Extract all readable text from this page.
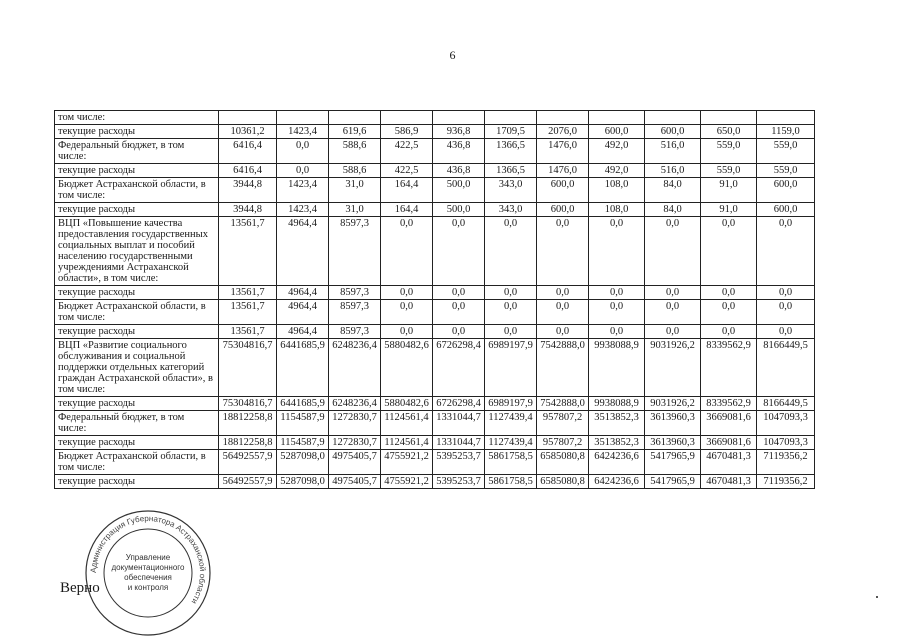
6
том числе:											
текущие расходы	10361,2	1423,4	619,6	586,9	936,8	1709,5	2076,0	600,0	600,0	650,0	1159,0
Федеральный бюджет, в том числе:	6416,4	0,0	588,6	422,5	436,8	1366,5	1476,0	492,0	516,0	559,0	559,0
текущие расходы	6416,4	0,0	588,6	422,5	436,8	1366,5	1476,0	492,0	516,0	559,0	559,0
Бюджет Астраханской области, в том числе:	3944,8	1423,4	31,0	164,4	500,0	343,0	600,0	108,0	84,0	91,0	600,0
текущие расходы	3944,8	1423,4	31,0	164,4	500,0	343,0	600,0	108,0	84,0	91,0	600,0
ВЦП «Повышение качества предоставления государственных социальных выплат и пособий населению государственными учреждениями Астраханской области», в том числе:	13561,7	4964,4	8597,3	0,0	0,0	0,0	0,0	0,0	0,0	0,0	0,0
текущие расходы	13561,7	4964,4	8597,3	0,0	0,0	0,0	0,0	0,0	0,0	0,0	0,0
Бюджет Астраханской области, в том числе:	13561,7	4964,4	8597,3	0,0	0,0	0,0	0,0	0,0	0,0	0,0	0,0
текущие расходы	13561,7	4964,4	8597,3	0,0	0,0	0,0	0,0	0,0	0,0	0,0	0,0
ВЦП «Развитие социального обслуживания и социальной поддержки отдельных категорий граждан Астраханской области», в том числе:	75304816,7	6441685,9	6248236,4	5880482,6	6726298,4	6989197,9	7542888,0	9938088,9	9031926,2	8339562,9	8166449,5
текущие расходы	75304816,7	6441685,9	6248236,4	5880482,6	6726298,4	6989197,9	7542888,0	9938088,9	9031926,2	8339562,9	8166449,5
Федеральный бюджет, в том числе:	18812258,8	1154587,9	1272830,7	1124561,4	1331044,7	1127439,4	957807,2	3513852,3	3613960,3	3669081,6	1047093,3
текущие расходы	18812258,8	1154587,9	1272830,7	1124561,4	1331044,7	1127439,4	957807,2	3513852,3	3613960,3	3669081,6	1047093,3
Бюджет Астраханской области, в том числе:	56492557,9	5287098,0	4975405,7	4755921,2	5395253,7	5861758,5	6585080,8	6424236,6	5417965,9	4670481,3	7119356,2
текущие расходы	56492557,9	5287098,0	4975405,7	4755921,2	5395253,7	5861758,5	6585080,8	6424236,6	5417965,9	4670481,3	7119356,2
Верно
Администрация Губернатора Астраханской области
Управление
документационного
обеспечения
и контроля
